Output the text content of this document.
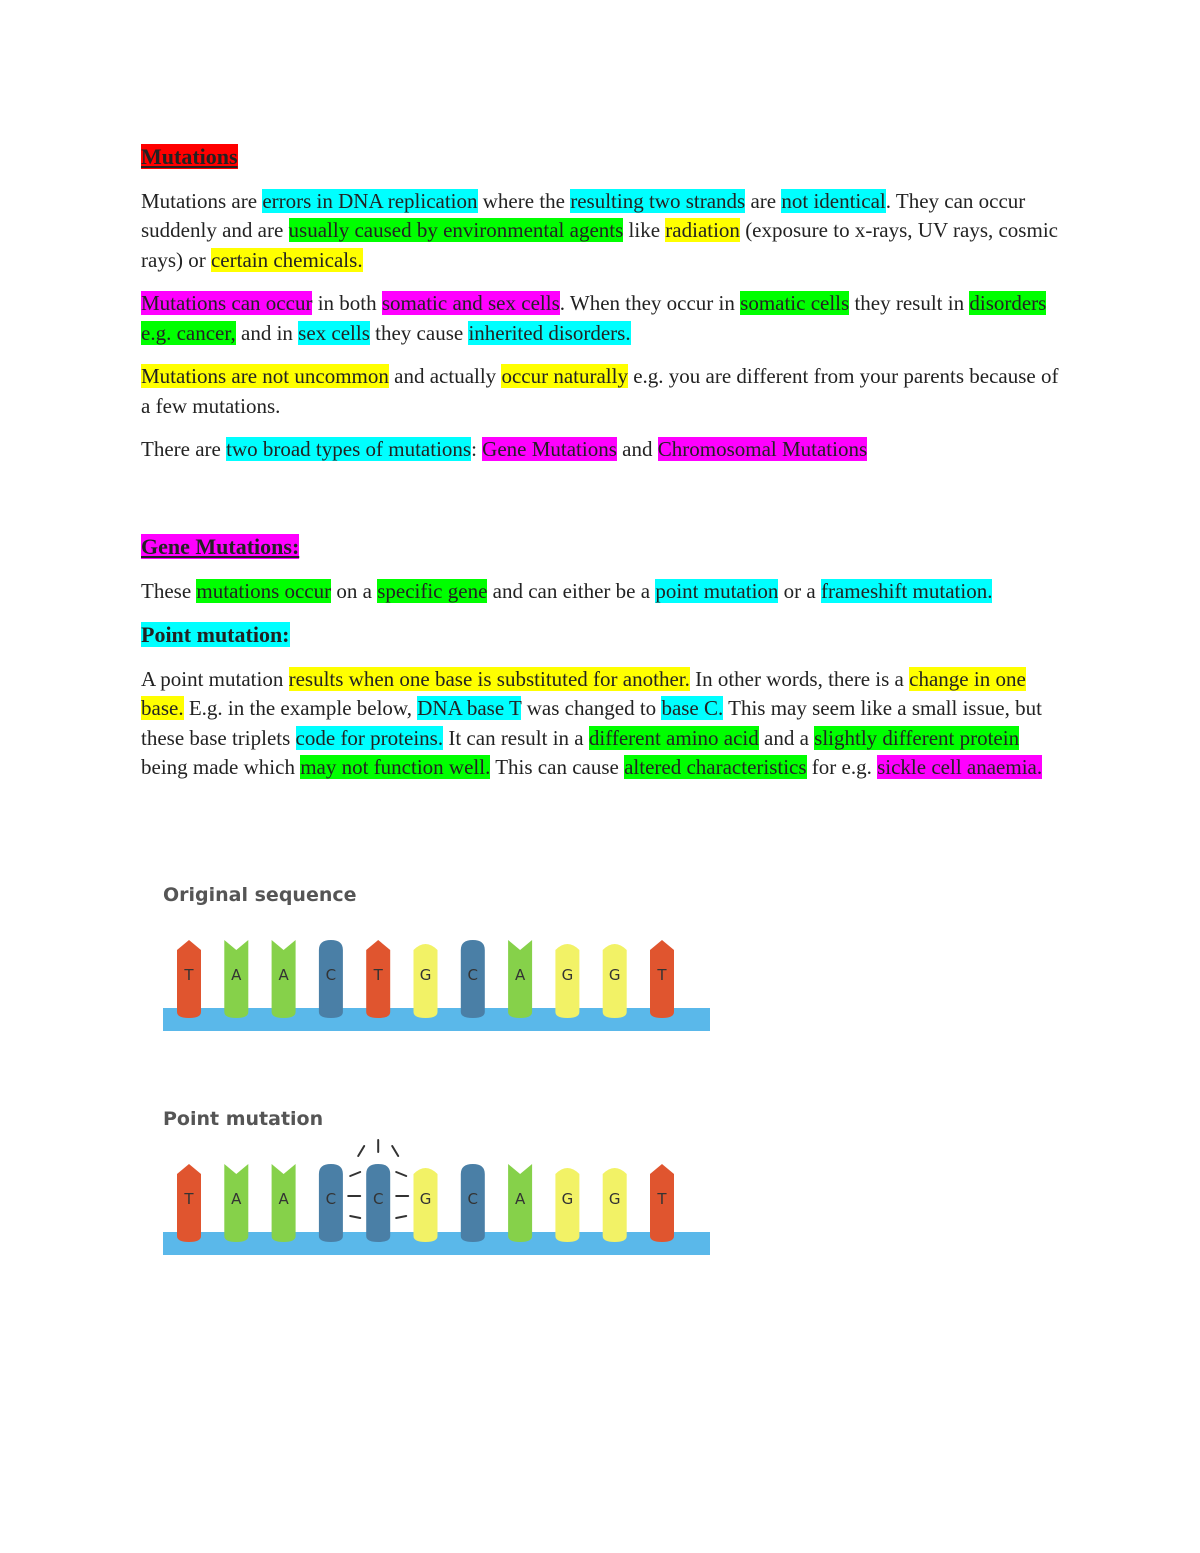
Mutations

Mutations are errors in DNA replication where the resulting two strands are not identical. They can occur suddenly and are usually caused by environmental agents like radiation (exposure to x-rays, UV rays, cosmic rays) or certain chemicals.

Mutations can occur in both somatic and sex cells. When they occur in somatic cells they result in disorders e.g. cancer, and in sex cells they cause inherited disorders.

Mutations are not uncommon and actually occur naturally e.g. you are different from your parents because of a few mutations.

There are two broad types of mutations: Gene Mutations and Chromosomal Mutations

Gene Mutations:

These mutations occur on a specific gene and can either be a point mutation or a frameshift mutation.

Point mutation:

A point mutation results when one base is substituted for another. In other words, there is a change in one base. E.g. in the example below, DNA base T was changed to base C. This may seem like a small issue, but these base triplets code for proteins. It can result in a different amino acid and a slightly different protein being made which may not function well. This can cause altered characteristics for e.g. sickle cell anaemia.

Original sequence
T	A A C T G C A G G T
Point mutation
T	A A C C G C A G G T
